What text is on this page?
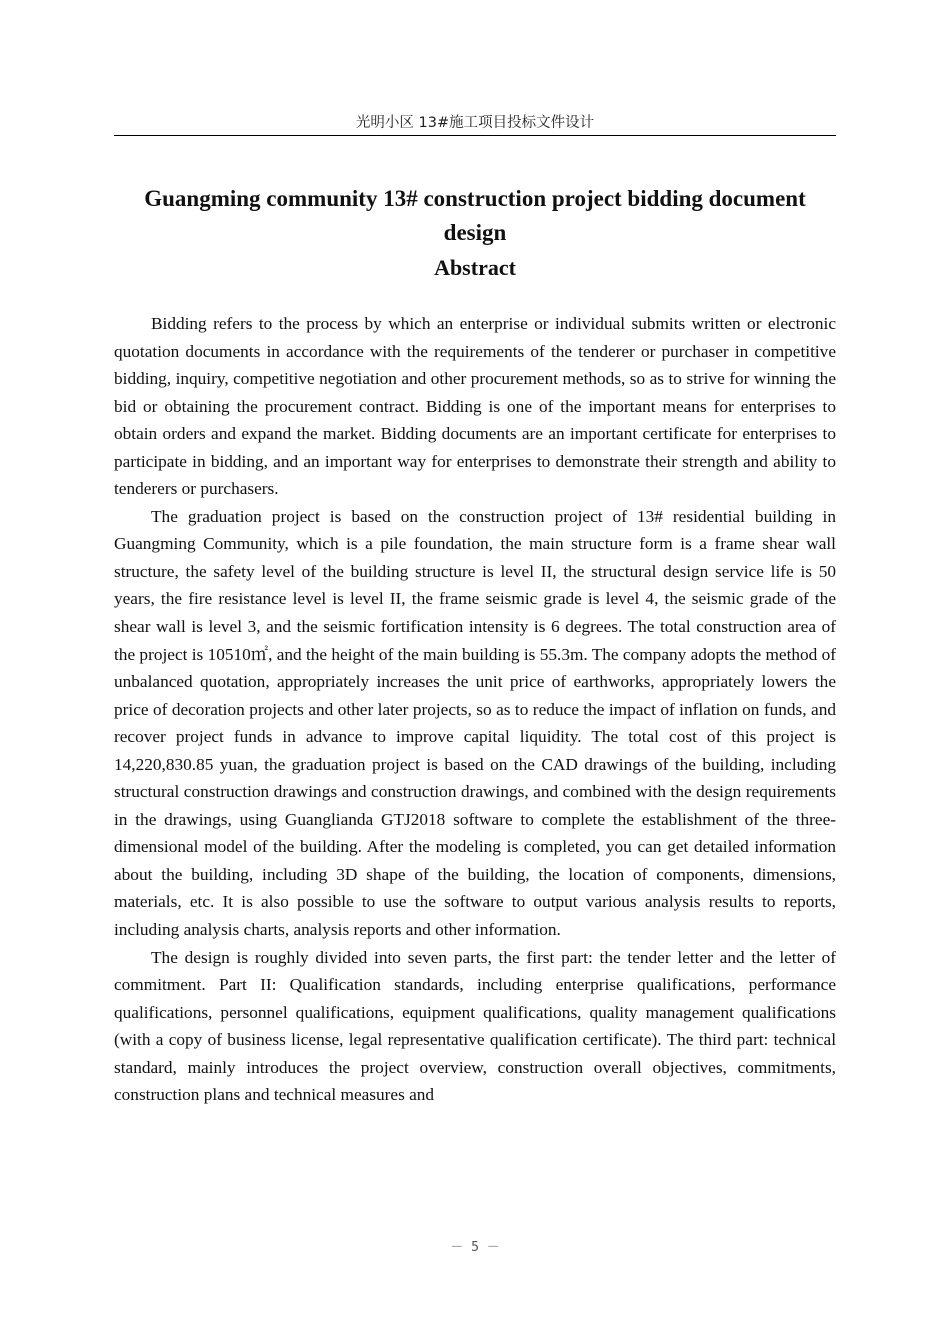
光明小区 13#施工项目投标文件设计
Guangming community 13# construction project bidding document design
Abstract

Bidding refers to the process by which an enterprise or individual submits written or electronic quotation documents in accordance with the requirements of the tenderer or purchaser in competitive bidding, inquiry, competitive negotiation and other procurement methods, so as to strive for winning the bid or obtaining the procurement contract. Bidding is one of the important means for enterprises to obtain orders and expand the market. Bidding documents are an important certificate for enterprises to participate in bidding, and an important way for enterprises to demonstrate their strength and ability to tenderers or purchasers.

The graduation project is based on the construction project of 13# residential building in Guangming Community, which is a pile foundation, the main structure form is a frame shear wall structure, the safety level of the building structure is level II, the structural design service life is 50 years, the fire resistance level is level II, the frame seismic grade is level 4, the seismic grade of the shear wall is level 3, and the seismic fortification intensity is 6 degrees. The total construction area of the project is 10510㎡, and the height of the main building is 55.3m. The company adopts the method of unbalanced quotation, appropriately increases the unit price of earthworks, appropriately lowers the price of decoration projects and other later projects, so as to reduce the impact of inflation on funds, and recover project funds in advance to improve capital liquidity. The total cost of this project is 14,220,830.85 yuan, the graduation project is based on the CAD drawings of the building, including structural construction drawings and construction drawings, and combined with the design requirements in the drawings, using Guanglianda GTJ2018 software to complete the establishment of the three-dimensional model of the building. After the modeling is completed, you can get detailed information about the building, including 3D shape of the building, the location of components, dimensions, materials, etc. It is also possible to use the software to output various analysis results to reports, including analysis charts, analysis reports and other information.

The design is roughly divided into seven parts, the first part: the tender letter and the letter of commitment. Part II: Qualification standards, including enterprise qualifications, performance qualifications, personnel qualifications, equipment qualifications, quality management qualifications (with a copy of business license, legal representative qualification certificate). The third part: technical standard, mainly introduces the project overview, construction overall objectives, commitments, construction plans and technical measures and

－ 5 －
